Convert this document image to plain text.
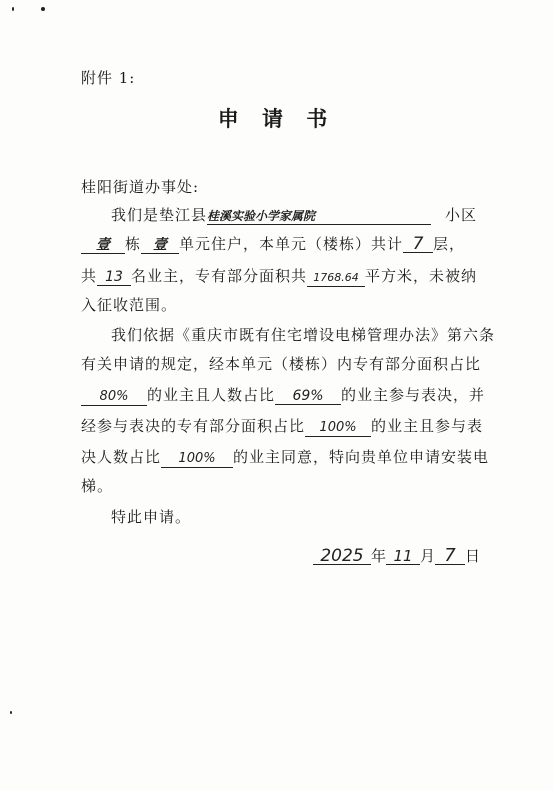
附件 1:
申 请 书
桂阳街道办事处:
我们是垫江县桂溪实验小学家属院	小区
壹 栋 壹 单元住户，本单元（楼栋）共计 7 层，
共 13 名业主，专有部分面积共 1768.64 平方米，未被纳
入征收范围。
我们依据《重庆市既有住宅增设电梯管理办法》第六条
有关申请的规定，经本单元（楼栋）内专有部分面积占比
80% 的业主且人数占比 69% 的业主参与表决，并
经参与表决的专有部分面积占比 100% 的业主且参与表
决人数占比 100% 的业主同意，特向贵单位申请安装电
梯。
特此申请。
2025 年 11 月 7 日
